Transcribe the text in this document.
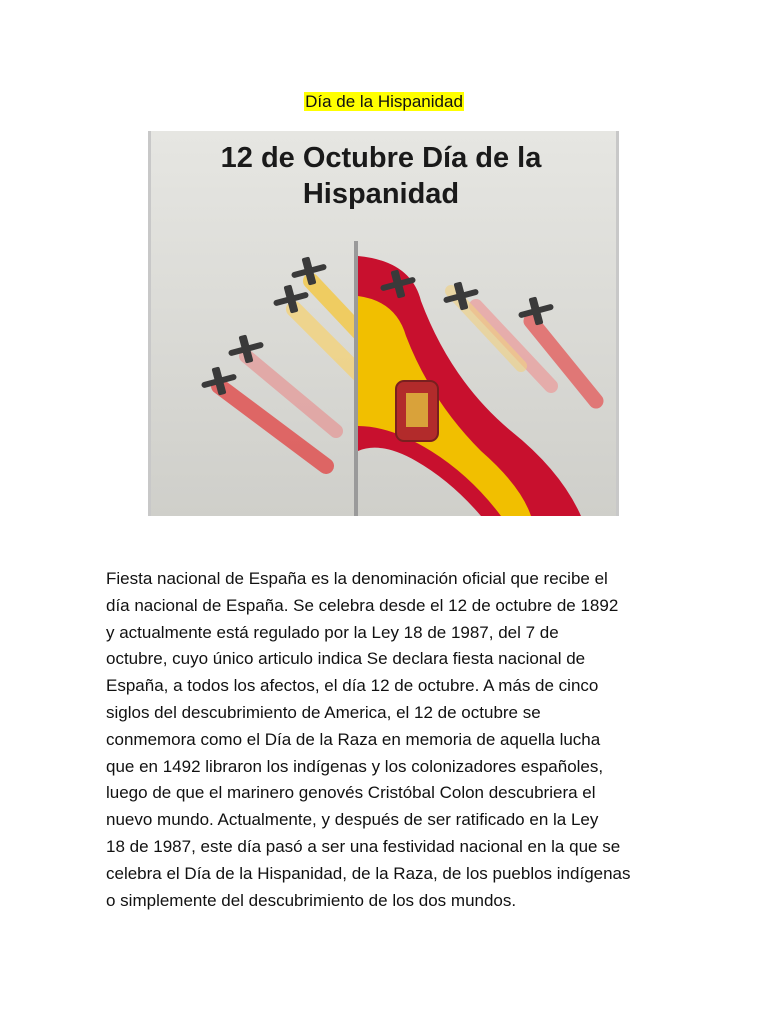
Día de la Hispanidad
12 de Octubre Día de la
Hispanidad

Fiesta nacional de España es la denominación oficial que recibe el
día nacional de España. Se celebra desde el 12 de octubre de 1892
y actualmente está regulado por la Ley 18 de 1987, del 7 de
octubre, cuyo único articulo indica Se declara fiesta nacional de
España, a todos los afectos, el día 12 de octubre. A más de cinco
siglos del descubrimiento de America, el 12 de octubre se
conmemora como el Día de la Raza en memoria de aquella lucha
que en 1492 libraron los indígenas y los colonizadores españoles,
luego de que el marinero genovés Cristóbal Colon descubriera el
nuevo mundo. Actualmente, y después de ser ratificado en la Ley
18 de 1987, este día pasó a ser una festividad nacional en la que se
celebra el Día de la Hispanidad, de la Raza, de los pueblos indígenas
o simplemente del descubrimiento de los dos mundos.
